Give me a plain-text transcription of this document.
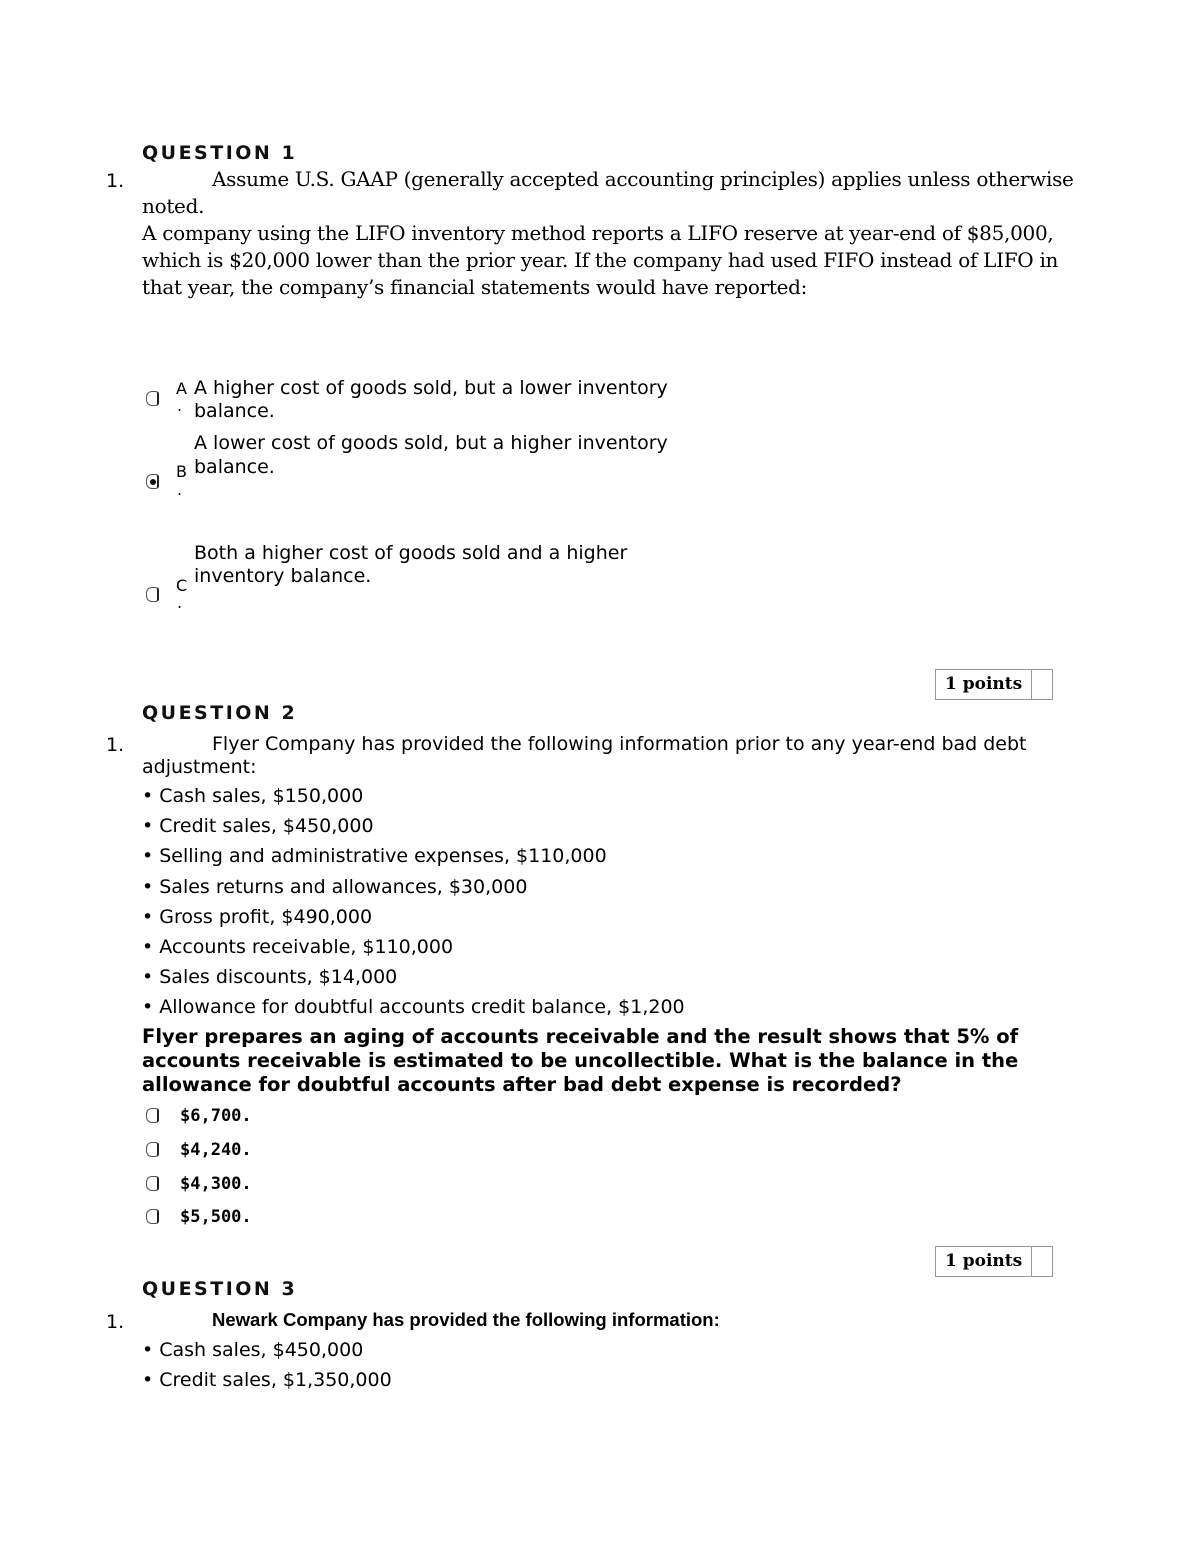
QUESTION 1
1.	Assume U.S. GAAP (generally accepted accounting principles) applies unless otherwise
noted.
A company using the LIFO inventory method reports a LIFO reserve at year-end of $85,000,
which is $20,000 lower than the prior year. If the company had used FIFO instead of LIFO in
that year, the company’s financial statements would have reported:
A
.
A higher cost of goods sold, but a lower inventory
balance.
A lower cost of goods sold, but a higher inventory
balance.
B
.
Both a higher cost of goods sold and a higher
inventory balance.
C
.
1 points
QUESTION 2
1.	Flyer Company has provided the following information prior to any year-end bad debt
adjustment:
• Cash sales, $150,000
• Credit sales, $450,000
• Selling and administrative expenses, $110,000
• Sales returns and allowances, $30,000
• Gross profit, $490,000
• Accounts receivable, $110,000
• Sales discounts, $14,000
• Allowance for doubtful accounts credit balance, $1,200
Flyer prepares an aging of accounts receivable and the result shows that 5% of
accounts receivable is estimated to be uncollectible. What is the balance in the
allowance for doubtful accounts after bad debt expense is recorded?
$6,700.
$4,240.
$4,300.
$5,500.
1 points
QUESTION 3
1.	Newark Company has provided the following information:
• Cash sales, $450,000
• Credit sales, $1,350,000
